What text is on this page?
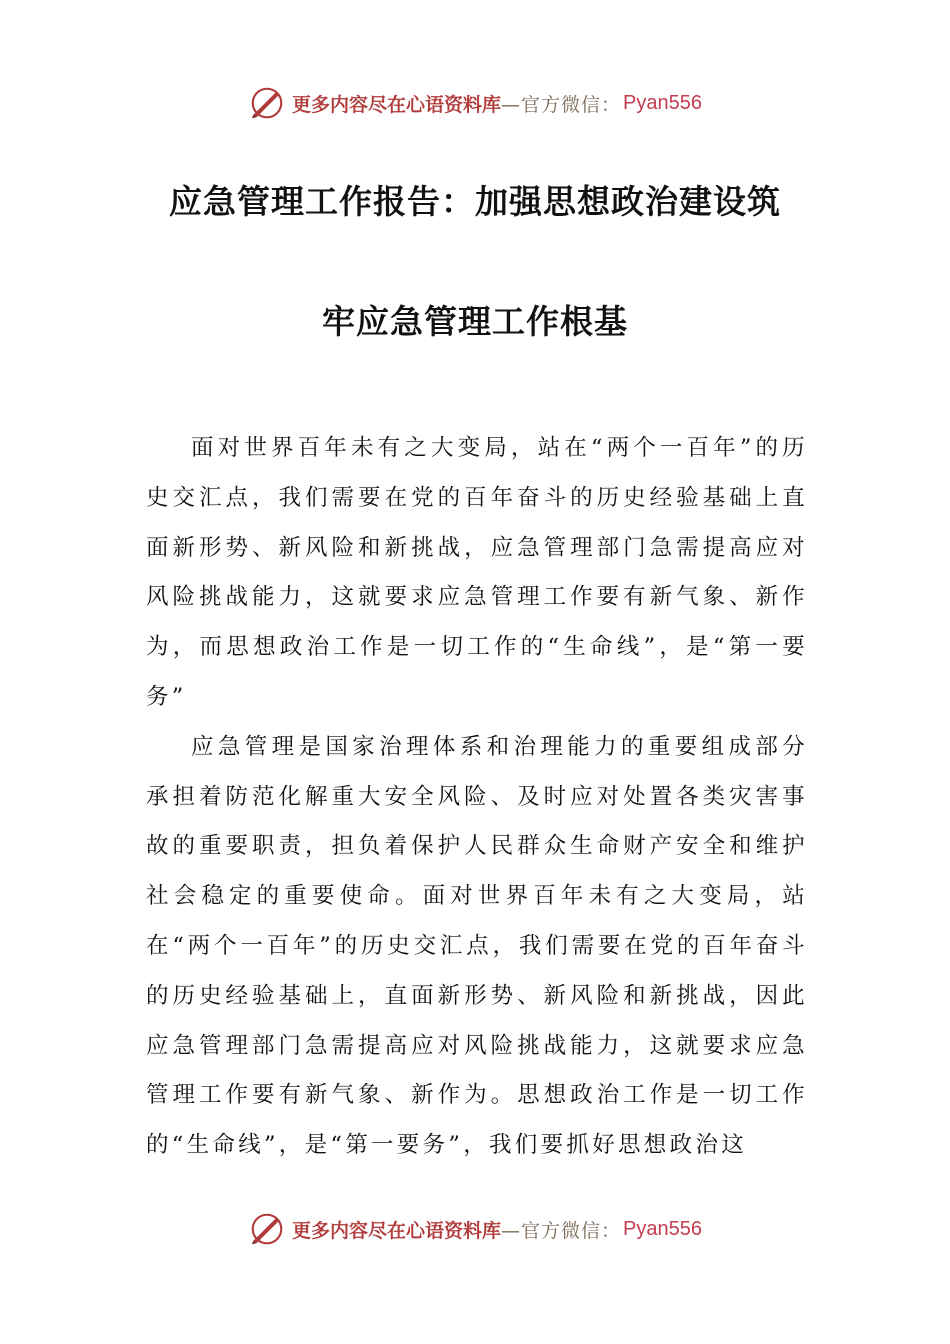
更多内容尽在心语资料库 —官方微信： Pyan556
应急管理工作报告：加强思想政治建设筑
牢应急管理工作根基

面对世界百年未有之大变局，站在“两个一百年”的历史交汇点，我们需要在党的百年奋斗的历史经验基础上直面新形势、新风险和新挑战，应急管理部门急需提高应对风险挑战能力，这就要求应急管理工作要有新气象、新作为，而思想政治工作是一切工作的“生命线”，是“第一要务”

应急管理是国家治理体系和治理能力的重要组成部分承担着防范化解重大安全风险、及时应对处置各类灾害事故的重要职责，担负着保护人民群众生命财产安全和维护社会稳定的重要使命。面对世界百年未有之大变局，站在“两个一百年”的历史交汇点，我们需要在党的百年奋斗的历史经验基础上，直面新形势、新风险和新挑战，因此应急管理部门急需提高应对风险挑战能力，这就要求应急管理工作要有新气象、新作为。思想政治工作是一切工作的“生命线”，是“第一要务”，我们要抓好思想政治这

更多内容尽在心语资料库 —官方微信： Pyan556
